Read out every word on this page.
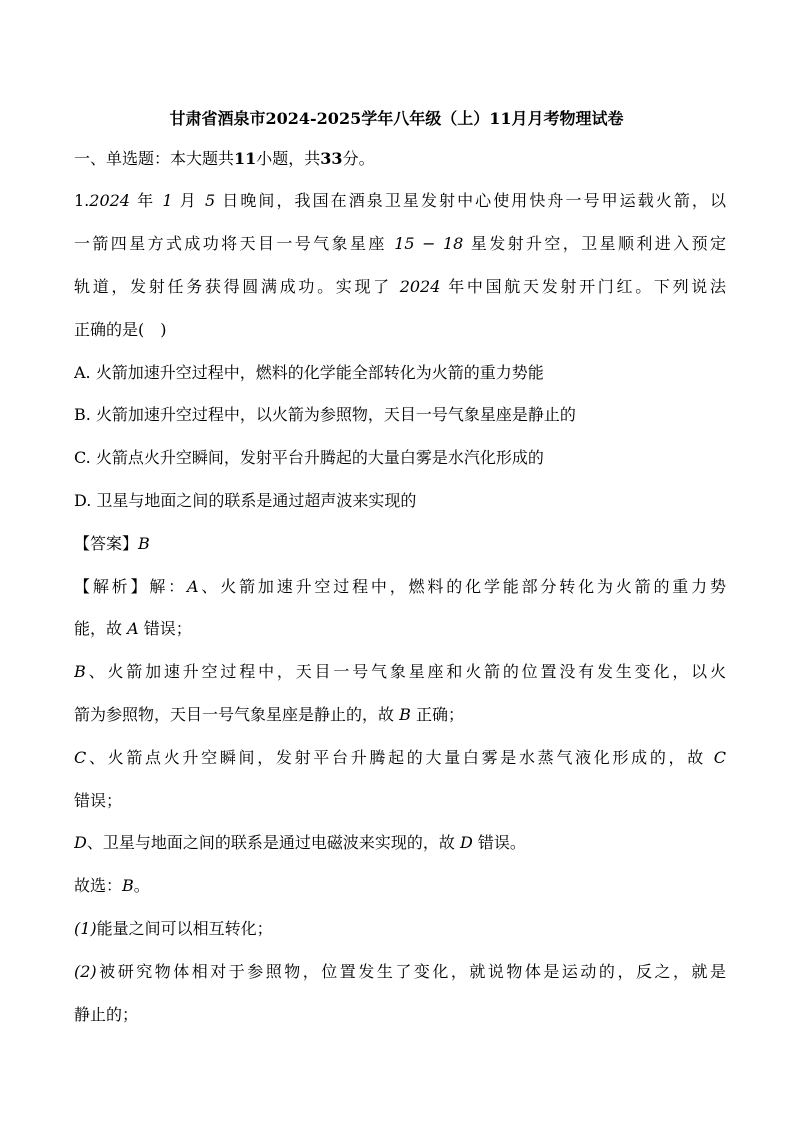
甘肃省酒泉市2024-2025学年八年级（上）11月月考物理试卷
一、单选题：本大题共11小题，共33分。
1.2024 年 1 月 5 日晚间，我国在酒泉卫星发射中心使用快舟一号甲运载火箭，以
一箭四星方式成功将天目一号气象星座 15 − 18 星发射升空，卫星顺利进入预定
轨道，发射任务获得圆满成功。实现了 2024 年中国航天发射开门红。下列说法
正确的是(　)
A. 火箭加速升空过程中，燃料的化学能全部转化为火箭的重力势能
B. 火箭加速升空过程中，以火箭为参照物，天目一号气象星座是静止的
C. 火箭点火升空瞬间，发射平台升腾起的大量白雾是水汽化形成的
D. 卫星与地面之间的联系是通过超声波来实现的
【答案】B
【解析】解：A、火箭加速升空过程中，燃料的化学能部分转化为火箭的重力势
能，故 A 错误；
B、火箭加速升空过程中，天目一号气象星座和火箭的位置没有发生变化，以火
箭为参照物，天目一号气象星座是静止的，故 B 正确；
C、火箭点火升空瞬间，发射平台升腾起的大量白雾是水蒸气液化形成的，故 C
错误；
D、卫星与地面之间的联系是通过电磁波来实现的，故 D 错误。
故选：B。
(1)能量之间可以相互转化；
(2)被研究物体相对于参照物，位置发生了变化，就说物体是运动的，反之，就是
静止的；
